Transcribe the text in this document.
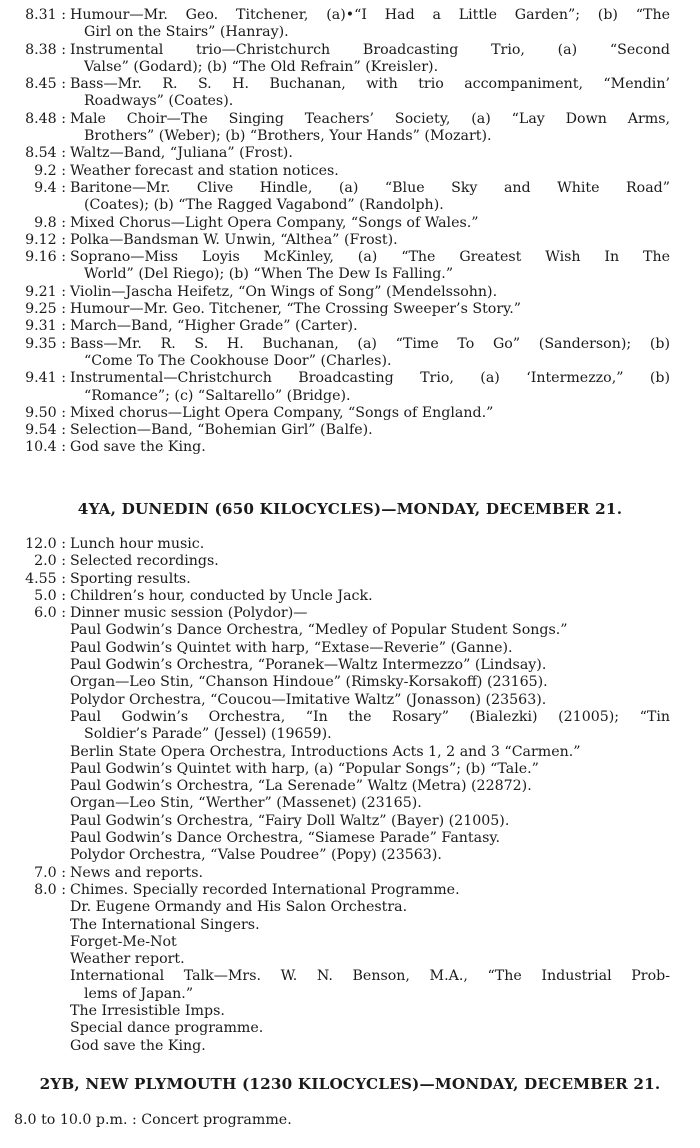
8.31 : Humour—Mr. Geo. Titchener, (a)•“I Had a Little Garden”; (b) “The
Girl on the Stairs” (Hanray).
8.38 : Instrumental trio—Christchurch Broadcasting Trio, (a) “Second
Valse” (Godard); (b) “The Old Refrain” (Kreisler).
8.45 : Bass—Mr. R. S. H. Buchanan, with trio accompaniment, “Mendin’
Roadways” (Coates).
8.48 : Male Choir—The Singing Teachers’ Society, (a) “Lay Down Arms,
Brothers” (Weber); (b) “Brothers, Your Hands” (Mozart).
8.54 : Waltz—Band, “Juliana” (Frost).
9.2 : Weather forecast and station notices.
9.4 : Baritone—Mr. Clive Hindle, (a) “Blue Sky and White Road”
(Coates); (b) “The Ragged Vagabond” (Randolph).
9.8 : Mixed Chorus—Light Opera Company, “Songs of Wales.”
9.12 : Polka—Bandsman W. Unwin, “Althea” (Frost).
9.16 : Soprano—Miss Loyis McKinley, (a) “The Greatest Wish In The
World” (Del Riego); (b) “When The Dew Is Falling.”
9.21 : Violin—Jascha Heifetz, “On Wings of Song” (Mendelssohn).
9.25 : Humour—Mr. Geo. Titchener, “The Crossing Sweeper’s Story.”
9.31 : March—Band, “Higher Grade” (Carter).
9.35 : Bass—Mr. R. S. H. Buchanan, (a) “Time To Go” (Sanderson); (b)
“Come To The Cookhouse Door” (Charles).
9.41 : Instrumental—Christchurch Broadcasting Trio, (a) ‘Intermezzo,” (b)
“Romance”; (c) “Saltarello” (Bridge).
9.50 : Mixed chorus—Light Opera Company, “Songs of England.”
9.54 : Selection—Band, “Bohemian Girl” (Balfe).
10.4 : God save the King.
4YA, DUNEDIN (650 KILOCYCLES)—MONDAY, DECEMBER 21.
12.0 : Lunch hour music.
2.0 : Selected recordings.
4.55 : Sporting results.
5.0 : Children’s hour, conducted by Uncle Jack.
6.0 : Dinner music session (Polydor)—
Paul Godwin’s Dance Orchestra, “Medley of Popular Student Songs.”
Paul Godwin’s Quintet with harp, “Extase—Reverie” (Ganne).
Paul Godwin’s Orchestra, “Poranek—Waltz Intermezzo” (Lindsay).
Organ—Leo Stin, “Chanson Hindoue” (Rimsky-Korsakoff) (23165).
Polydor Orchestra, “Coucou—Imitative Waltz” (Jonasson) (23563).
Paul Godwin’s Orchestra, “In the Rosary” (Bialezki) (21005); “Tin
Soldier’s Parade” (Jessel) (19659).
Berlin State Opera Orchestra, Introductions Acts 1, 2 and 3 “Carmen.”
Paul Godwin’s Quintet with harp, (a) “Popular Songs”; (b) “Tale.”
Paul Godwin’s Orchestra, “La Serenade” Waltz (Metra) (22872).
Organ—Leo Stin, “Werther” (Massenet) (23165).
Paul Godwin’s Orchestra, “Fairy Doll Waltz” (Bayer) (21005).
Paul Godwin’s Dance Orchestra, “Siamese Parade” Fantasy.
Polydor Orchestra, “Valse Poudree” (Popy) (23563).
7.0 : News and reports.
8.0 : Chimes. Specially recorded International Programme.
Dr. Eugene Ormandy and His Salon Orchestra.
The International Singers.
Forget-Me-Not
Weather report.
International Talk—Mrs. W. N. Benson, M.A., “The Industrial Prob-
lems of Japan.”
The Irresistible Imps.
Special dance programme.
God save the King.
2YB, NEW PLYMOUTH (1230 KILOCYCLES)—MONDAY, DECEMBER 21.
8.0 to 10.0 p.m. : Concert programme.
